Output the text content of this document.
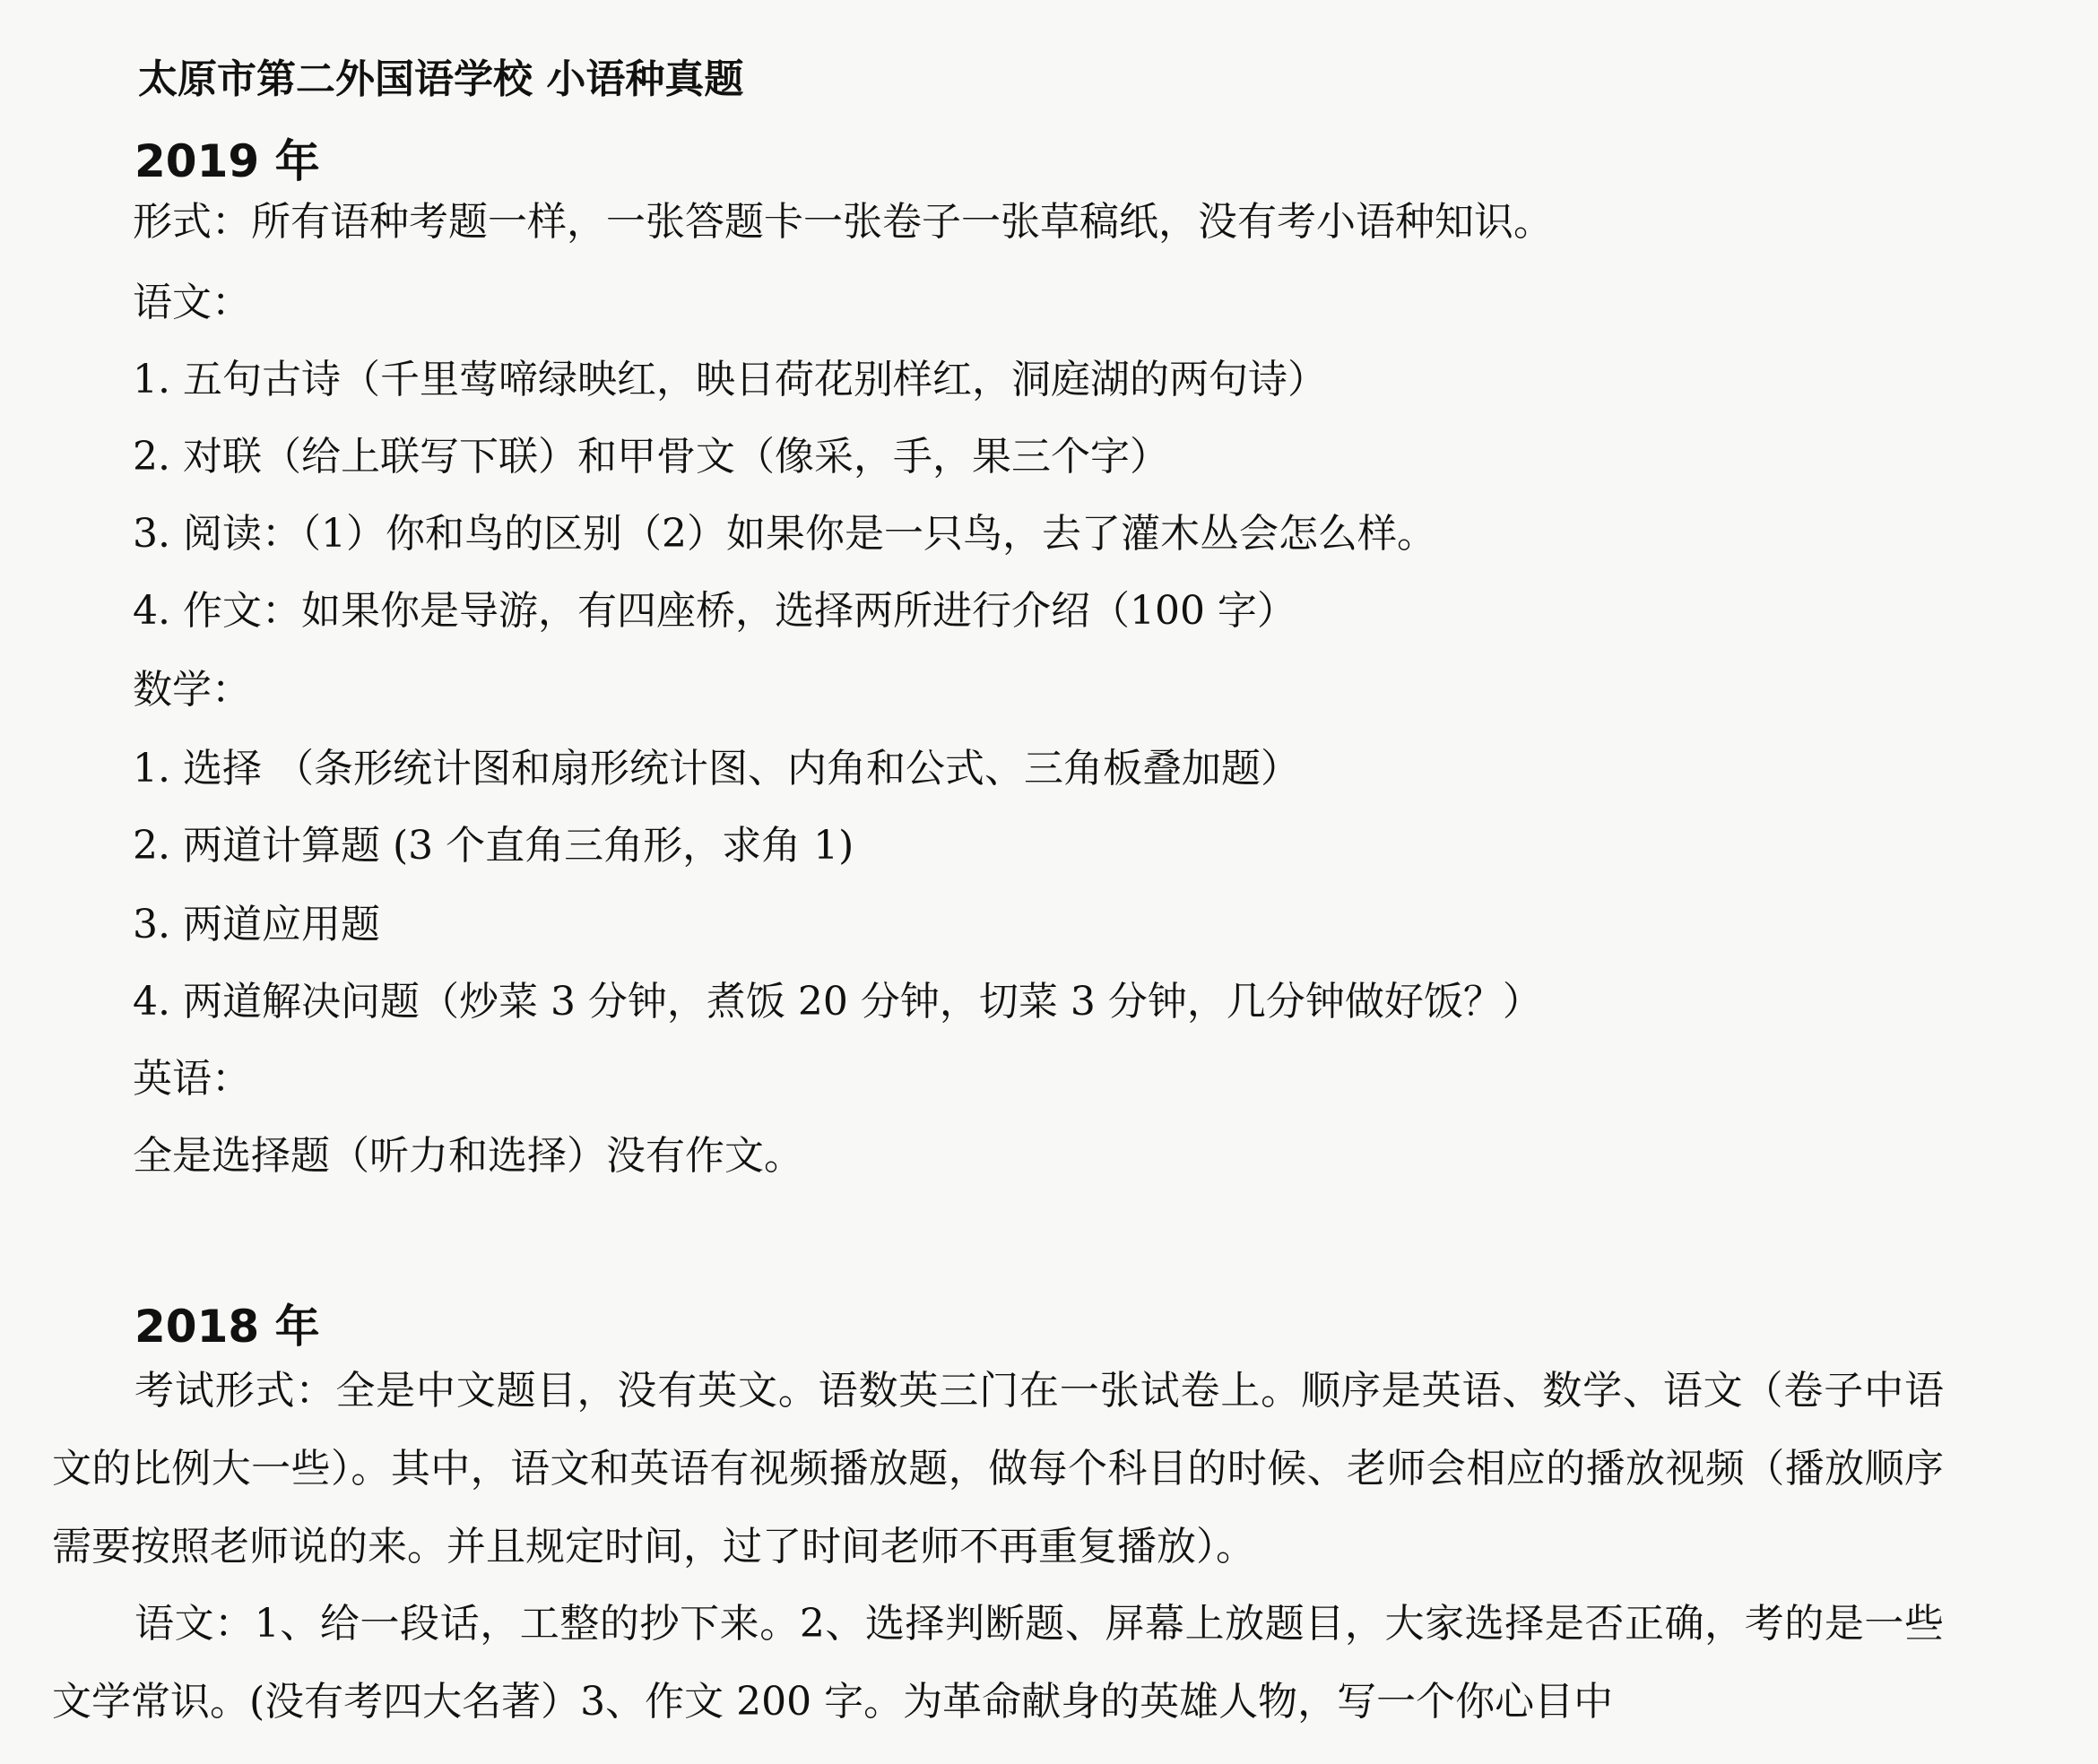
太原市第二外国语学校 小语种真题
2019 年
形式：所有语种考题一样，一张答题卡一张卷子一张草稿纸，没有考小语种知识。
语文：
1. 五句古诗（千里莺啼绿映红，映日荷花别样红，洞庭湖的两句诗）
2. 对联（给上联写下联）和甲骨文（像采，手，果三个字）
3. 阅读：（1）你和鸟的区别（2）如果你是一只鸟，去了灌木丛会怎么样。
4. 作文：如果你是导游，有四座桥，选择两所进行介绍（100 字）
数学：
1. 选择 （条形统计图和扇形统计图、内角和公式、三角板叠加题）
2. 两道计算题 (3 个直角三角形，求角 1)
3. 两道应用题
4. 两道解决问题（炒菜 3 分钟，煮饭 20 分钟，切菜 3 分钟，几分钟做好饭？）
英语：
全是选择题（听力和选择）没有作文。
2018 年

考试形式：全是中文题目，没有英文。语数英三门在一张试卷上。顺序是英语、数学、语文（卷子中语文的比例大一些）。其中，语文和英语有视频播放题，做每个科目的时候、老师会相应的播放视频（播放顺序需要按照老师说的来。并且规定时间，过了时间老师不再重复播放）。

语文：1、给一段话，工整的抄下来。2、选择判断题、屏幕上放题目，大家选择是否正确，考的是一些文学常识。(没有考四大名著）3、作文 200 字。为革命献身的英雄人物，写一个你心目中
